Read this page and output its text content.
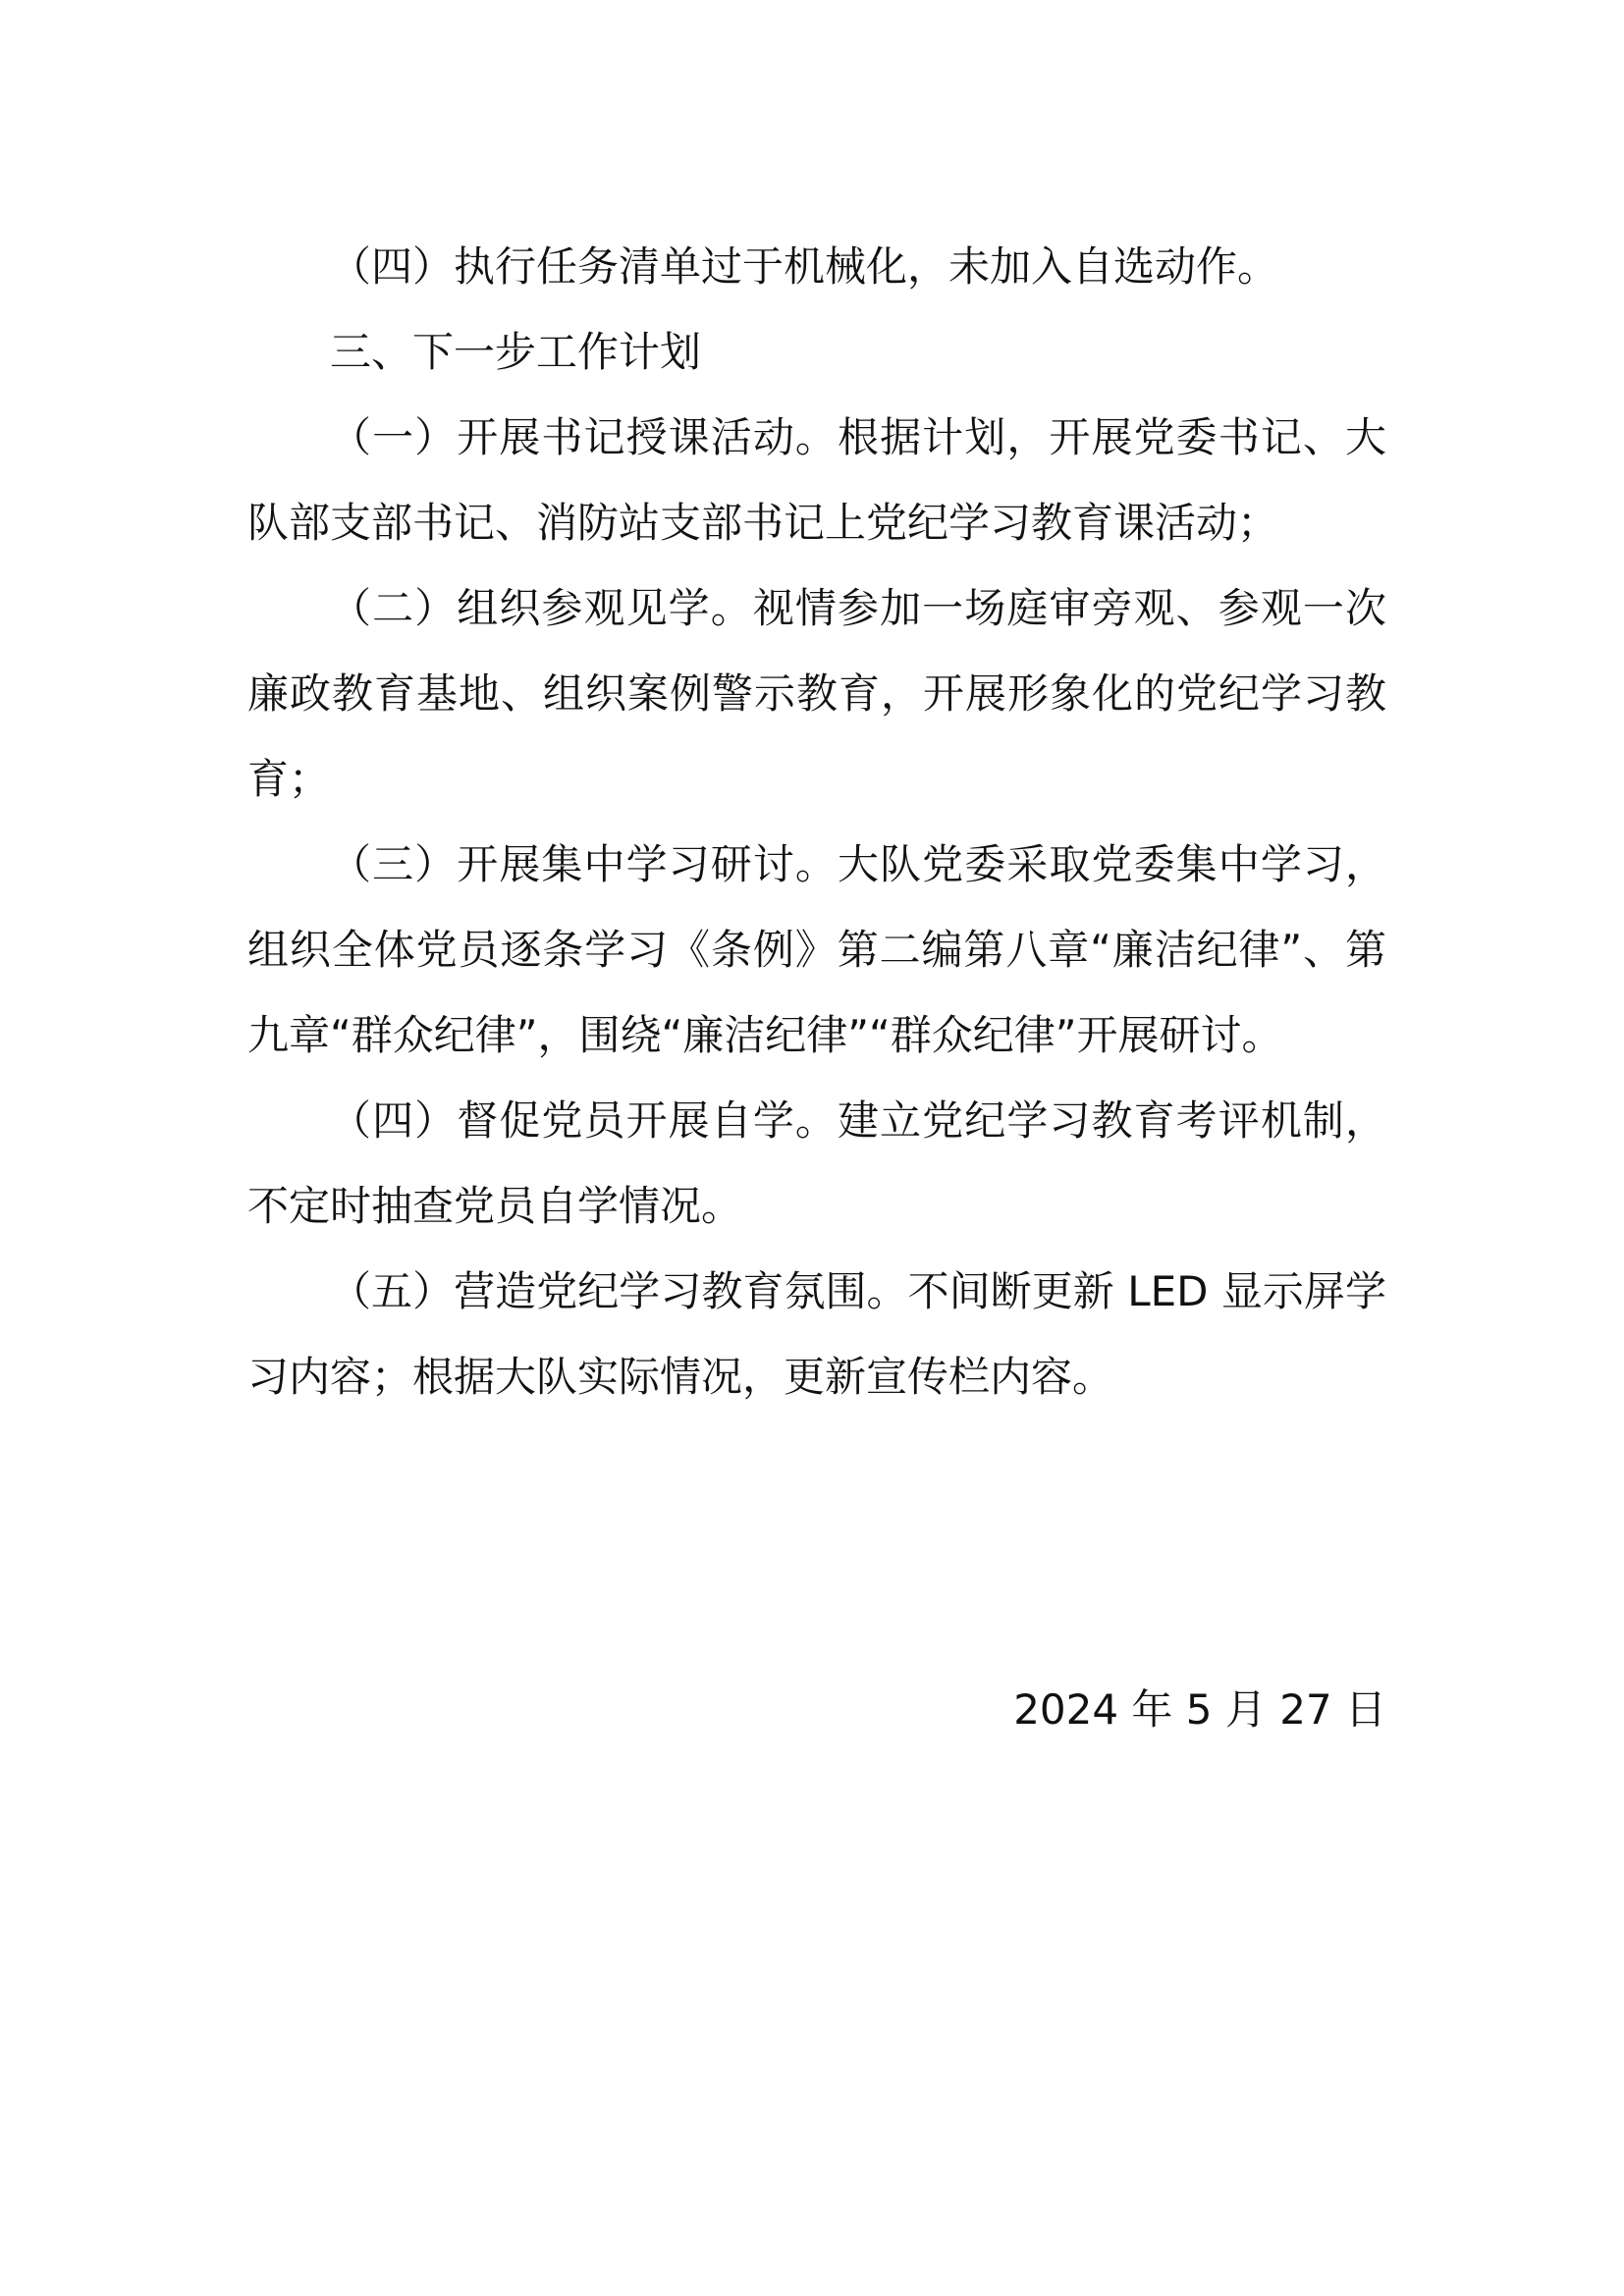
（四）执行任务清单过于机械化，未加入自选动作。

三、下一步工作计划

（一）开展书记授课活动。根据计划，开展党委书记、大队部支部书记、消防站支部书记上党纪学习教育课活动；

（二）组织参观见学。视情参加一场庭审旁观、参观一次廉政教育基地、组织案例警示教育，开展形象化的党纪学习教育；

（三）开展集中学习研讨。大队党委采取党委集中学习，组织全体党员逐条学习《条例》第二编第八章“廉洁纪律”、第九章“群众纪律”，围绕“廉洁纪律”“群众纪律”开展研讨。

（四）督促党员开展自学。建立党纪学习教育考评机制，不定时抽查党员自学情况。

（五）营造党纪学习教育氛围。不间断更新 LED 显示屏学习内容；根据大队实际情况，更新宣传栏内容。

2024 年 5 月 27 日
